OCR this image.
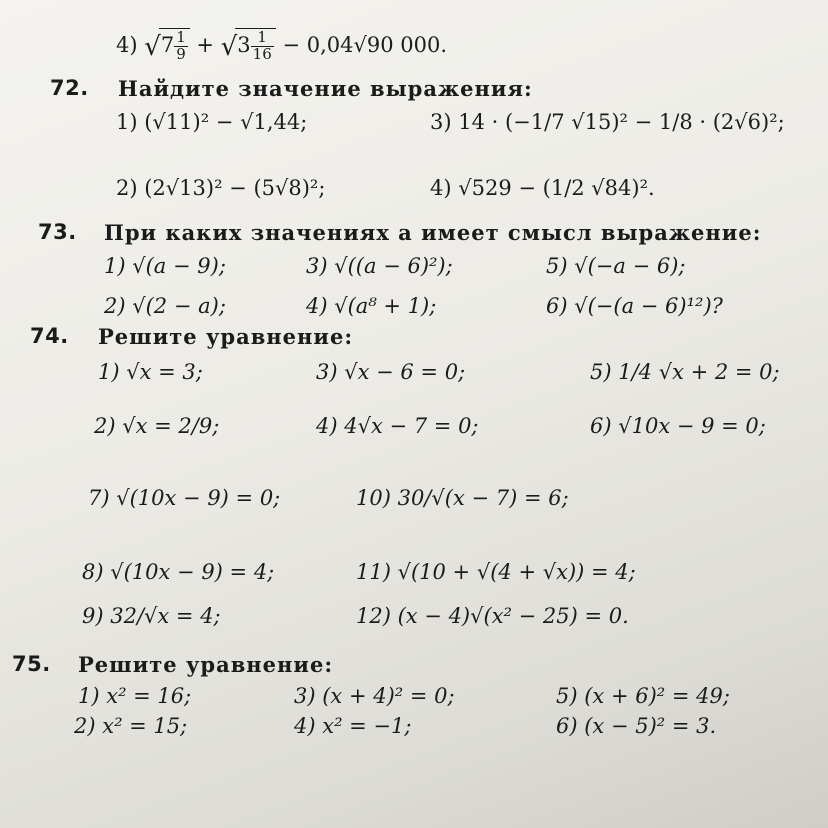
4) $√7 \frac{1}{9} + √3 \frac{1}{16} - 0,04√90$ 000.
72. Найдите значение выражения:
1) (√11)² − √1,44;	3) 14 · (−1/7 √15)² − 1/8 · (2√6)²;
2) (2√13)² − (5√8)²;	4) √529 − (1/2 √84)².
73. При каких значениях a имеет смысл выражение:
1) √(a − 9);	3) √((a − 6)²);	5) √(−a − 6);
2) √(2 − a);	4) √(a⁸ + 1);	6) √(−(a − 6)¹²)?
74. Решите уравнение:
1) √x = 3;	3) √x − 6 = 0;	5) 1/4 √x + 2 = 0;
2) √x = 2/9;	4) 4√x − 7 = 0;	6) √10x − 9 = 0;
7) √(10x − 9) = 0;	10) 30/√(x − 7) = 6;
8) √(10x − 9) = 4;	11) √(10 + √(4 + √x)) = 4;
9) 32/√x = 4;	12) (x − 4)√(x² − 25) = 0.
75. Решите уравнение:
1) x² = 16;	3) (x + 4)² = 0;	5) (x + 6)² = 49;
2) x² = 15;	4) x² = −1;	6) (x − 5)² = 3.
